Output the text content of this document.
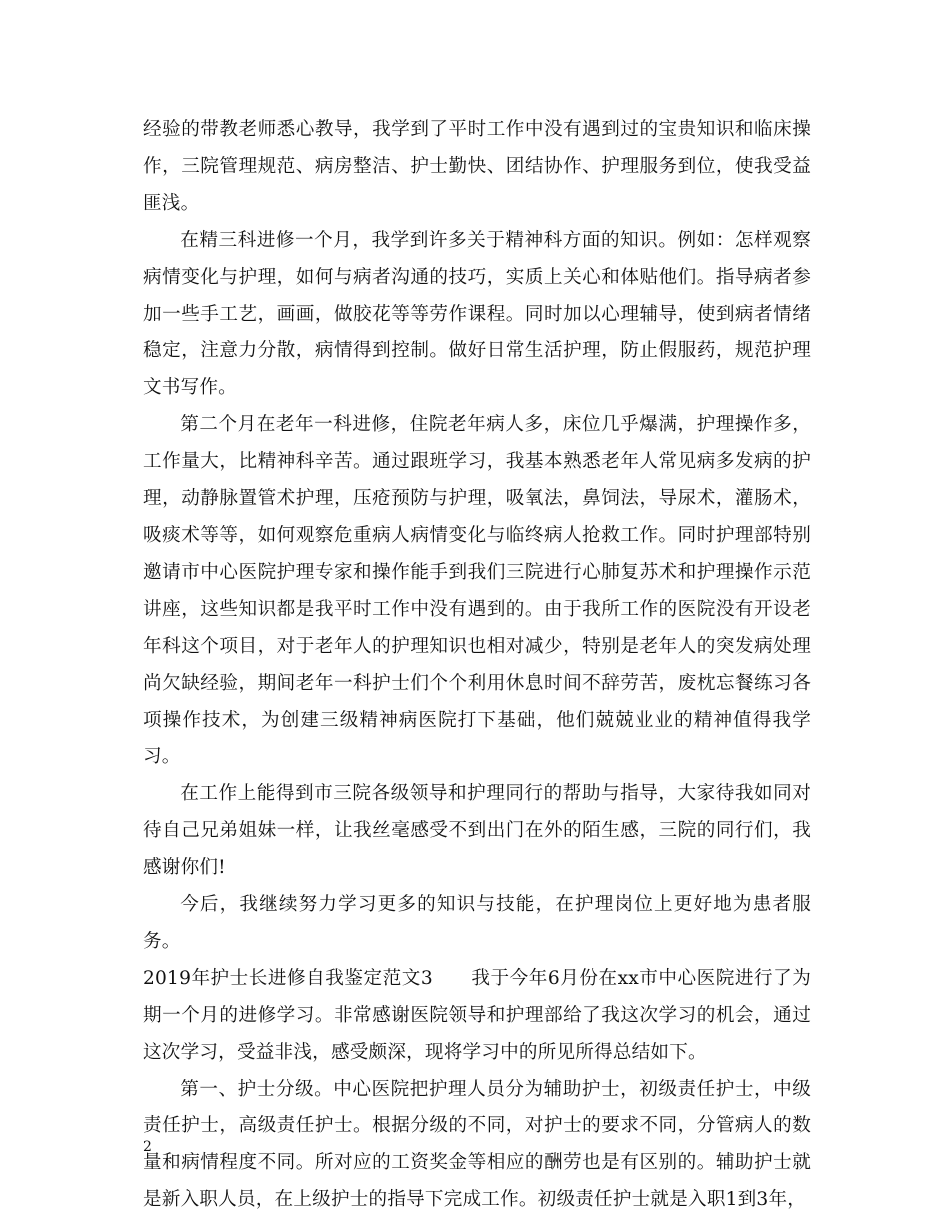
经验的带教老师悉心教导，我学到了平时工作中没有遇到过的宝贵知识和临床操作，三院管理规范、病房整洁、护士勤快、团结协作、护理服务到位，使我受益匪浅。

在精三科进修一个月，我学到许多关于精神科方面的知识。例如：怎样观察病情变化与护理，如何与病者沟通的技巧，实质上关心和体贴他们。指导病者参加一些手工艺，画画，做胶花等等劳作课程。同时加以心理辅导，使到病者情绪稳定，注意力分散，病情得到控制。做好日常生活护理，防止假服药，规范护理文书写作。

第二个月在老年一科进修，住院老年病人多，床位几乎爆满，护理操作多，工作量大，比精神科辛苦。通过跟班学习，我基本熟悉老年人常见病多发病的护理，动静脉置管术护理，压疮预防与护理，吸氧法，鼻饲法，导尿术，灌肠术，吸痰术等等，如何观察危重病人病情变化与临终病人抢救工作。同时护理部特别邀请市中心医院护理专家和操作能手到我们三院进行心肺复苏术和护理操作示范讲座，这些知识都是我平时工作中没有遇到的。由于我所工作的医院没有开设老年科这个项目，对于老年人的护理知识也相对减少，特别是老年人的突发病处理尚欠缺经验，期间老年一科护士们个个利用休息时间不辞劳苦，废枕忘餐练习各项操作技术，为创建三级精神病医院打下基础，他们兢兢业业的精神值得我学习。

在工作上能得到市三院各级领导和护理同行的帮助与指导，大家待我如同对待自己兄弟姐妹一样，让我丝毫感受不到出门在外的陌生感，三院的同行们，我感谢你们!

今后，我继续努力学习更多的知识与技能，在护理岗位上更好地为患者服务。

2019年护士长进修自我鉴定范文3　　我于今年6月份在xx市中心医院进行了为期一个月的进修学习。非常感谢医院领导和护理部给了我这次学习的机会，通过这次学习，受益非浅，感受颇深，现将学习中的所见所得总结如下。

第一、护士分级。中心医院把护理人员分为辅助护士，初级责任护士，中级责任护士，高级责任护士。根据分级的不同，对护士的要求不同，分管病人的数量和病情程度不同。所对应的工资奖金等相应的酬劳也是有区别的。辅助护士就是新入职人员，在上级护士的指导下完成工作。初级责任护士就是入职1到3年，

2
